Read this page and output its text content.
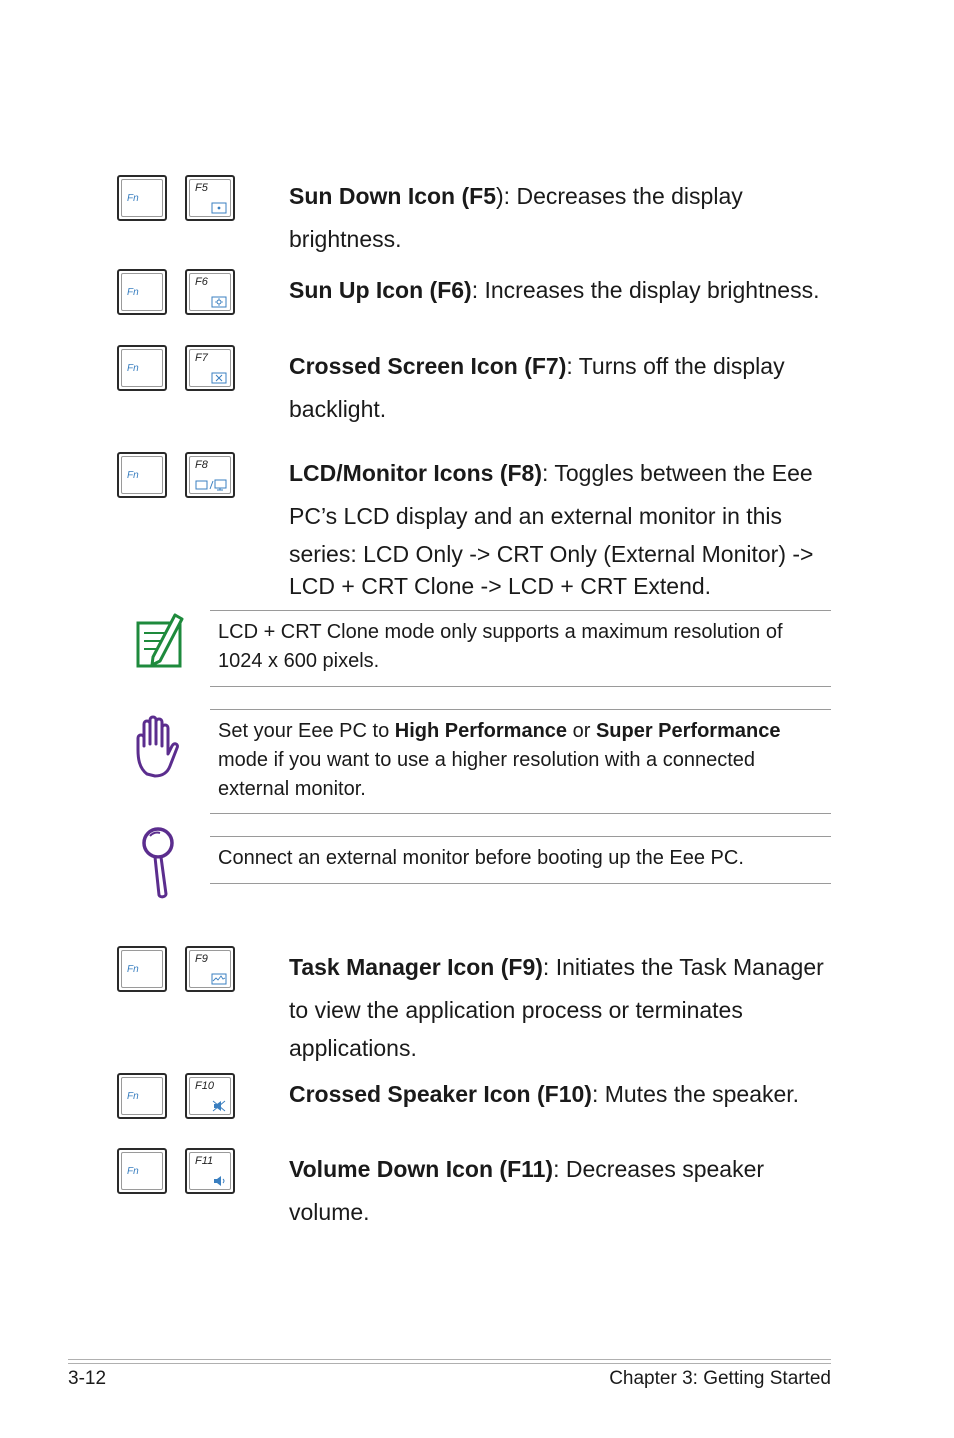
Fn
F5	Sun Down Icon (F5): Decreases the display
brightness.
Fn
F6	Sun Up Icon (F6): Increases the display brightness.
Fn
F7	Crossed Screen Icon (F7): Turns off the display
backlight.
Fn
F8	LCD/Monitor Icons (F8): Toggles between the Eee
PC’s LCD display and an external monitor in this
series: LCD Only -> CRT Only (External Monitor) ->
LCD + CRT Clone -> LCD + CRT Extend.
LCD + CRT Clone mode only supports a maximum resolution of
1024 x 600 pixels.
Set your Eee PC to High Performance or Super Performance
mode if you want to use a higher resolution with a connected
external monitor.
Connect an external monitor before booting up the Eee PC.
Fn
F9	Task Manager Icon (F9): Initiates the Task Manager
to view the application process or terminates
applications.
Fn
F10	Crossed Speaker Icon (F10): Mutes the speaker.
Fn
F11	Volume Down Icon (F11): Decreases speaker
volume.
3-12	Chapter 3: Getting Started
